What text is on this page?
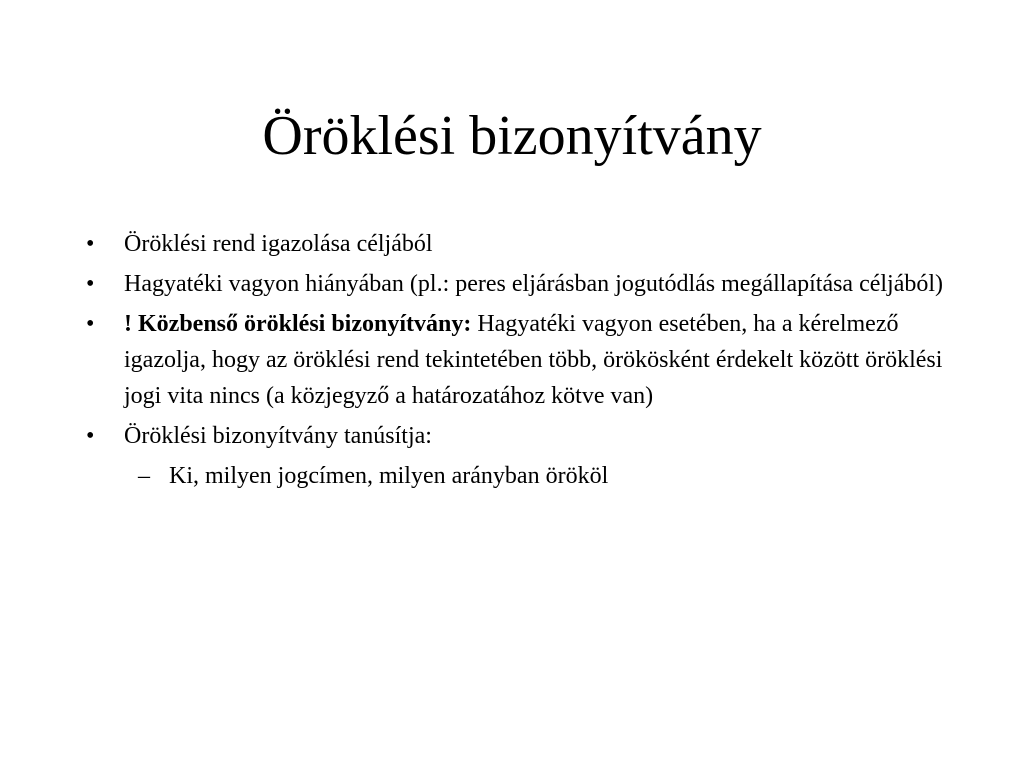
Öröklési bizonyítvány
•	Öröklési rend igazolása céljából
•	Hagyatéki vagyon hiányában (pl.: peres eljárásban jogutódlás megállapítása céljából)
•	! Közbenső öröklési bizonyítvány: Hagyatéki vagyon esetében, ha a kérelmező igazolja, hogy az öröklési rend tekintetében több, örökösként érdekelt között öröklési jogi vita nincs (a közjegyző a határozatához kötve van)
•	Öröklési bizonyítvány tanúsítja:
– Ki, milyen jogcímen, milyen arányban örököl
